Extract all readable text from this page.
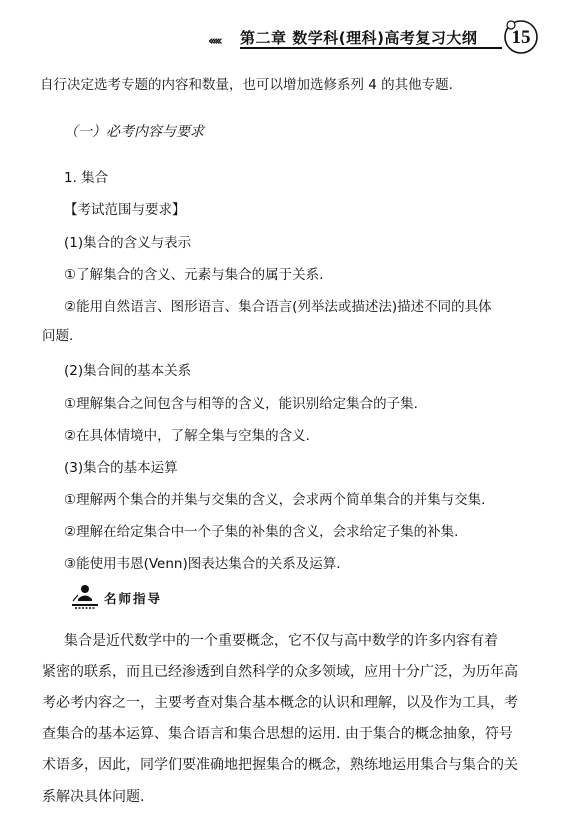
‹‹‹‹‹ 第二章 数学科(理科)高考复习大纲	15
自行决定选考专题的内容和数量，也可以增加选修系列 4 的其他专题.
（一）必考内容与要求
1. 集合
【考试范围与要求】
(1)集合的含义与表示
①了解集合的含义、元素与集合的属于关系.
②能用自然语言、图形语言、集合语言(列举法或描述法)描述不同的具体
问题.
(2)集合间的基本关系
①理解集合之间包含与相等的含义，能识别给定集合的子集.
②在具体情境中，了解全集与空集的含义.
(3)集合的基本运算
①理解两个集合的并集与交集的含义，会求两个简单集合的并集与交集.
②理解在给定集合中一个子集的补集的含义，会求给定子集的补集.
③能使用韦恩(Venn)图表达集合的关系及运算.
名师指导
集合是近代数学中的一个重要概念，它不仅与高中数学的许多内容有着
紧密的联系，而且已经渗透到自然科学的众多领域，应用十分广泛，为历年高
考必考内容之一，主要考查对集合基本概念的认识和理解，以及作为工具，考
查集合的基本运算、集合语言和集合思想的运用. 由于集合的概念抽象，符号
术语多，因此，同学们要准确地把握集合的概念，熟练地运用集合与集合的关
系解决具体问题.
